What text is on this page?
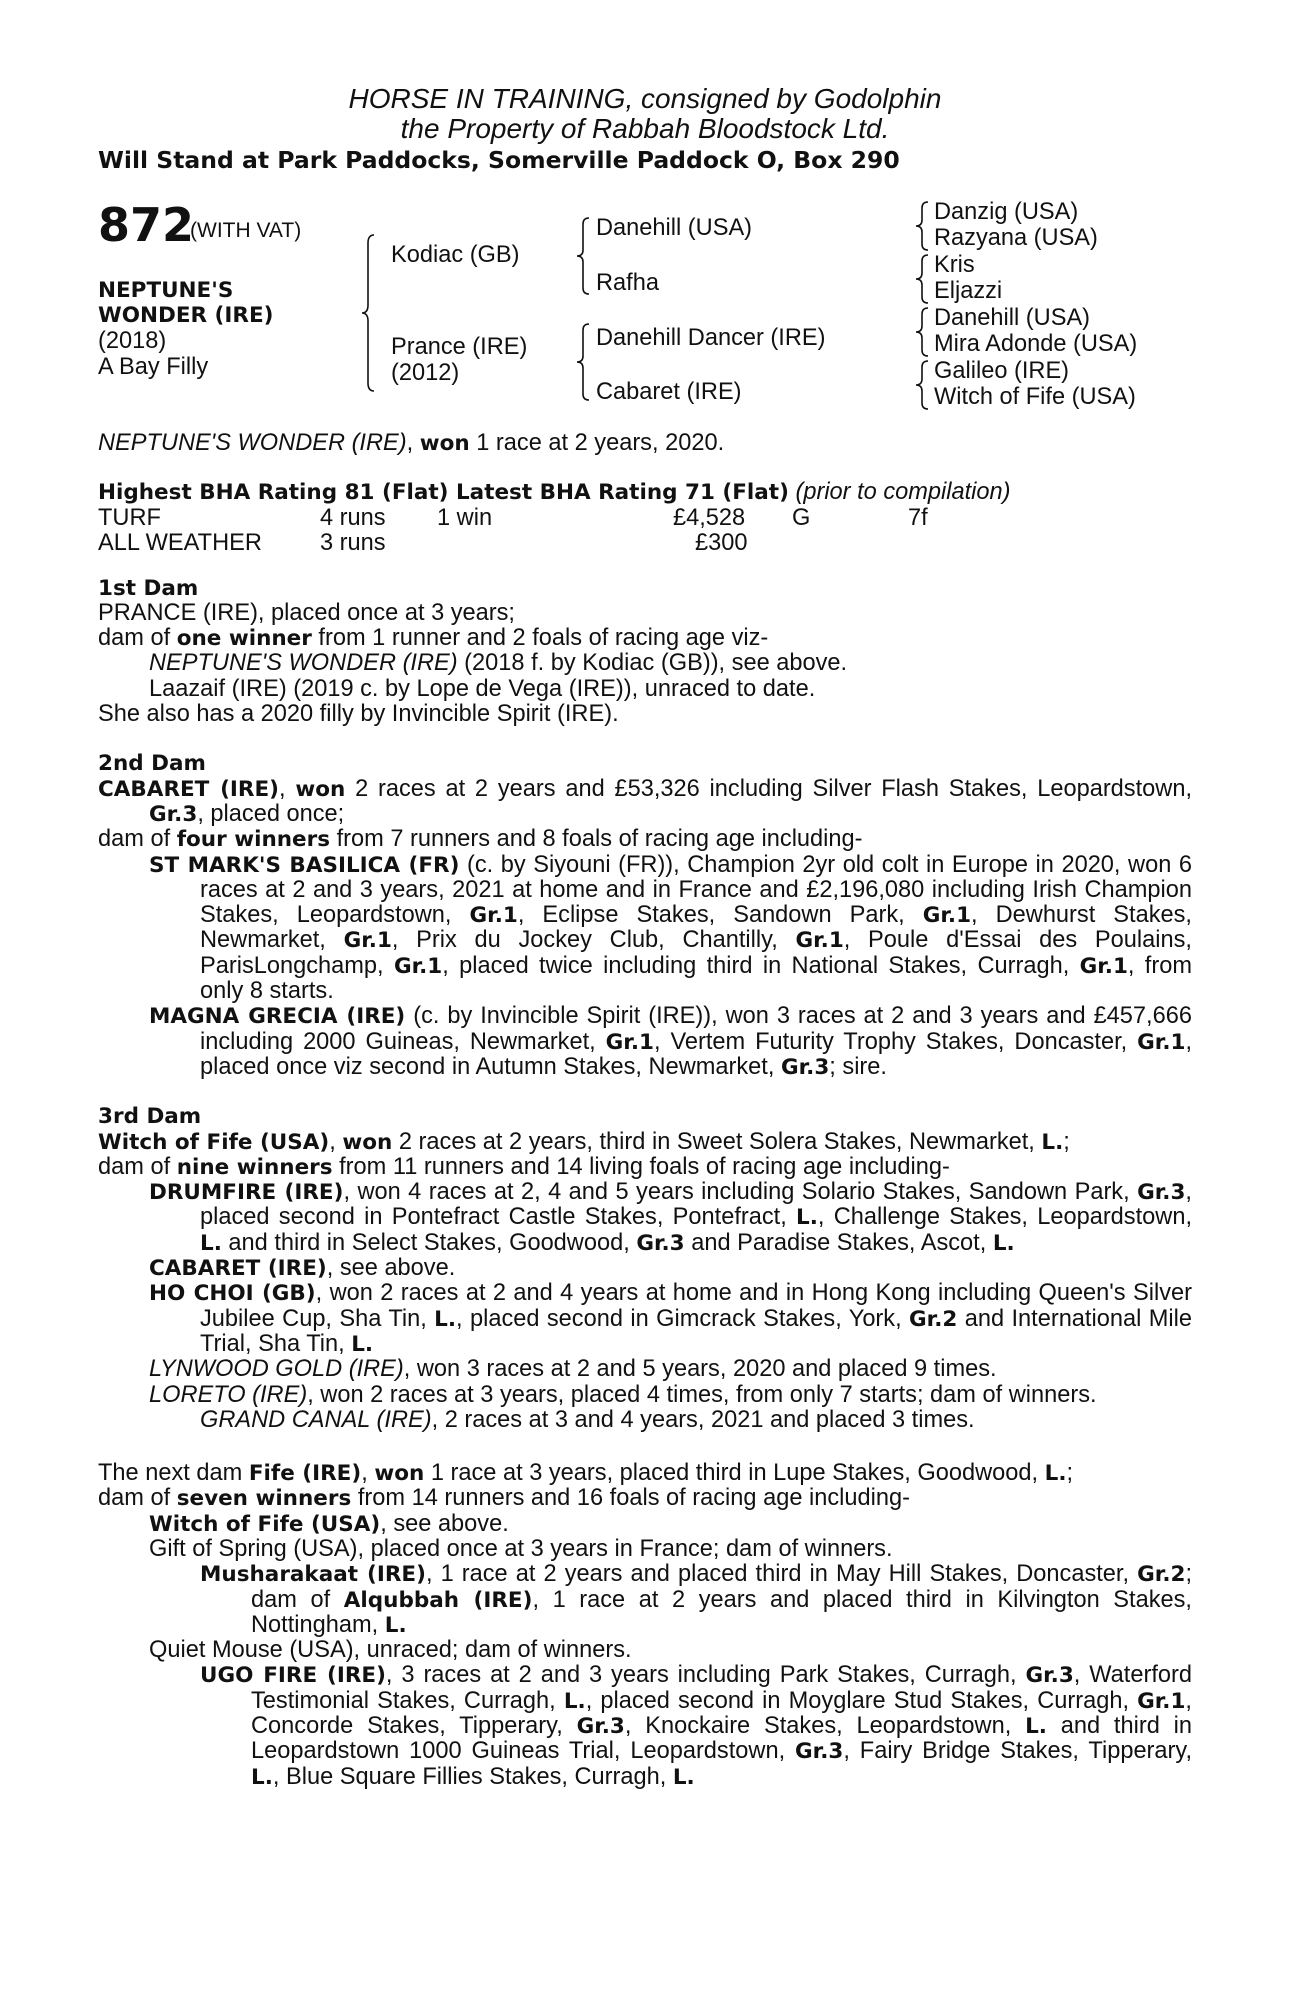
HORSE IN TRAINING, consigned by Godolphin
the Property of Rabbah Bloodstock Ltd.
Will Stand at Park Paddocks, Somerville Paddock O, Box 290
872
(WITH VAT)
NEPTUNE'S
WONDER (IRE)
(2018)
A Bay Filly
Kodiac (GB)
Prance (IRE)
(2012)
Danehill (USA)
Rafha
Danehill Dancer (IRE)
Cabaret (IRE)
Danzig (USA)
Razyana (USA)
Kris
Eljazzi
Danehill (USA)
Mira Adonde (USA)
Galileo (IRE)
Witch of Fife (USA)

NEPTUNE'S WONDER (IRE), won 1 race at 2 years, 2020.

Highest BHA Rating 81 (Flat) Latest BHA Rating 71 (Flat) (prior to compilation)

TURF	4 runs 1 win	£4,528 G	7f
ALL WEATHER 3 runs	£300

1st Dam

PRANCE (IRE), placed once at 3 years;

dam of one winner from 1 runner and 2 foals of racing age viz-

NEPTUNE'S WONDER (IRE) (2018 f. by Kodiac (GB)), see above.

Laazaif (IRE) (2019 c. by Lope de Vega (IRE)), unraced to date.

She also has a 2020 filly by Invincible Spirit (IRE).

2nd Dam

CABARET (IRE), won 2 races at 2 years and £53,326 including Silver Flash Stakes, Leopardstown, Gr.3, placed once;

dam of four winners from 7 runners and 8 foals of racing age including-

ST MARK'S BASILICA (FR) (c. by Siyouni (FR)), Champion 2yr old colt in Europe in 2020, won 6 races at 2 and 3 years, 2021 at home and in France and £2,196,080 including Irish Champion Stakes, Leopardstown, Gr.1, Eclipse Stakes, Sandown Park, Gr.1, Dewhurst Stakes, Newmarket, Gr.1, Prix du Jockey Club, Chantilly, Gr.1, Poule d'Essai des Poulains, ParisLongchamp, Gr.1, placed twice including third in National Stakes, Curragh, Gr.1, from only 8 starts.

MAGNA GRECIA (IRE) (c. by Invincible Spirit (IRE)), won 3 races at 2 and 3 years and £457,666 including 2000 Guineas, Newmarket, Gr.1, Vertem Futurity Trophy Stakes, Doncaster, Gr.1, placed once viz second in Autumn Stakes, Newmarket, Gr.3; sire.

3rd Dam

Witch of Fife (USA), won 2 races at 2 years, third in Sweet Solera Stakes, Newmarket, L.;

dam of nine winners from 11 runners and 14 living foals of racing age including-

DRUMFIRE (IRE), won 4 races at 2, 4 and 5 years including Solario Stakes, Sandown Park, Gr.3, placed second in Pontefract Castle Stakes, Pontefract, L., Challenge Stakes, Leopardstown, L. and third in Select Stakes, Goodwood, Gr.3 and Paradise Stakes, Ascot, L.

CABARET (IRE), see above.

HO CHOI (GB), won 2 races at 2 and 4 years at home and in Hong Kong including Queen's Silver Jubilee Cup, Sha Tin, L., placed second in Gimcrack Stakes, York, Gr.2 and International Mile Trial, Sha Tin, L.

LYNWOOD GOLD (IRE), won 3 races at 2 and 5 years, 2020 and placed 9 times.

LORETO (IRE), won 2 races at 3 years, placed 4 times, from only 7 starts; dam of winners.

GRAND CANAL (IRE), 2 races at 3 and 4 years, 2021 and placed 3 times.

The next dam Fife (IRE), won 1 race at 3 years, placed third in Lupe Stakes, Goodwood, L.;

dam of seven winners from 14 runners and 16 foals of racing age including-

Witch of Fife (USA), see above.

Gift of Spring (USA), placed once at 3 years in France; dam of winners.

Musharakaat (IRE), 1 race at 2 years and placed third in May Hill Stakes, Doncaster, Gr.2; dam of Alqubbah (IRE), 1 race at 2 years and placed third in Kilvington Stakes, Nottingham, L.

Quiet Mouse (USA), unraced; dam of winners.

UGO FIRE (IRE), 3 races at 2 and 3 years including Park Stakes, Curragh, Gr.3, Waterford Testimonial Stakes, Curragh, L., placed second in Moyglare Stud Stakes, Curragh, Gr.1, Concorde Stakes, Tipperary, Gr.3, Knockaire Stakes, Leopardstown, L. and third in Leopardstown 1000 Guineas Trial, Leopardstown, Gr.3, Fairy Bridge Stakes, Tipperary, L., Blue Square Fillies Stakes, Curragh, L.
